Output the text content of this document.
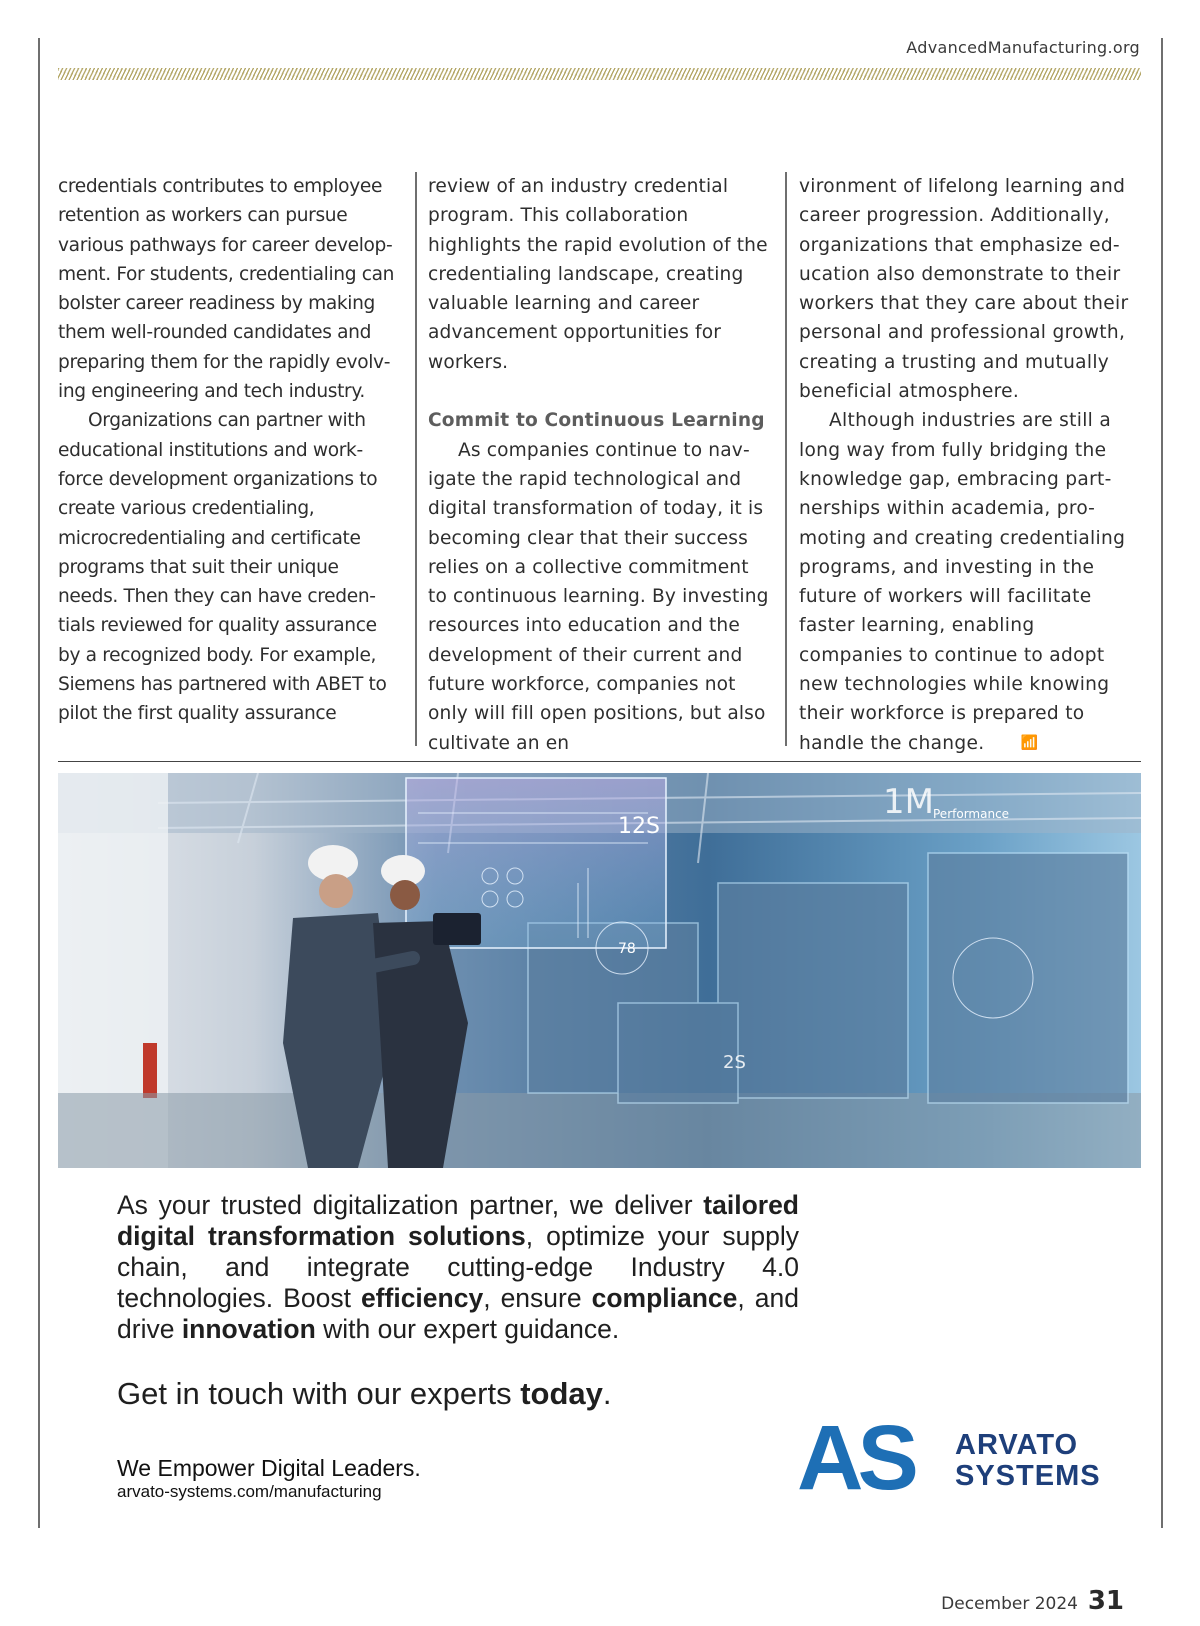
AdvancedManufacturing.org

credentials contributes to employee retention as workers can pursue various pathways for career development. For students, credentialing can bolster career readiness by making them well-rounded candidates and preparing them for the rapidly evolving engineering and tech industry.

Organizations can partner with educational institutions and workforce development organizations to create various credentialing, microcredentialing and certificate programs that suit their unique needs. Then they can have credentials reviewed for quality assurance by a recognized body. For example, Siemens has partnered with ABET to pilot the first quality assurance

review of an industry credential program. This collaboration highlights the rapid evolution of the credentialing landscape, creating valuable learning and career advancement opportunities for workers.

Commit to Continuous Learning

As companies continue to navigate the rapid technological and digital transformation of today, it is becoming clear that their success relies on a collective commitment to continuous learning. By investing resources into education and the development of their current and future workforce, companies not only will fill open positions, but also cultivate an en

vironment of lifelong learning and career progression. Additionally, organizations that emphasize education also demonstrate to their workers that they care about their personal and professional growth, creating a trusting and mutually beneficial atmosphere.

Although industries are still a long way from fully bridging the knowledge gap, embracing partnerships within academia, promoting and creating credentialing programs, and investing in the future of workers will facilitate faster learning, enabling companies to continue to adopt new technologies while knowing their workforce is prepared to handle the change.	📶

12S
78
1M Performance
2S
As your trusted digitalization partner, we deliver tailored digital transformation solutions, optimize your supply chain, and integrate cutting-edge Industry 4.0 technologies. Boost efficiency, ensure compliance, and drive innovation with our expert guidance.
Get in touch with our experts today.
We Empower Digital Leaders.
arvato-systems.com/manufacturing	AS ARVATO
SYSTEMS
December 2024 31
